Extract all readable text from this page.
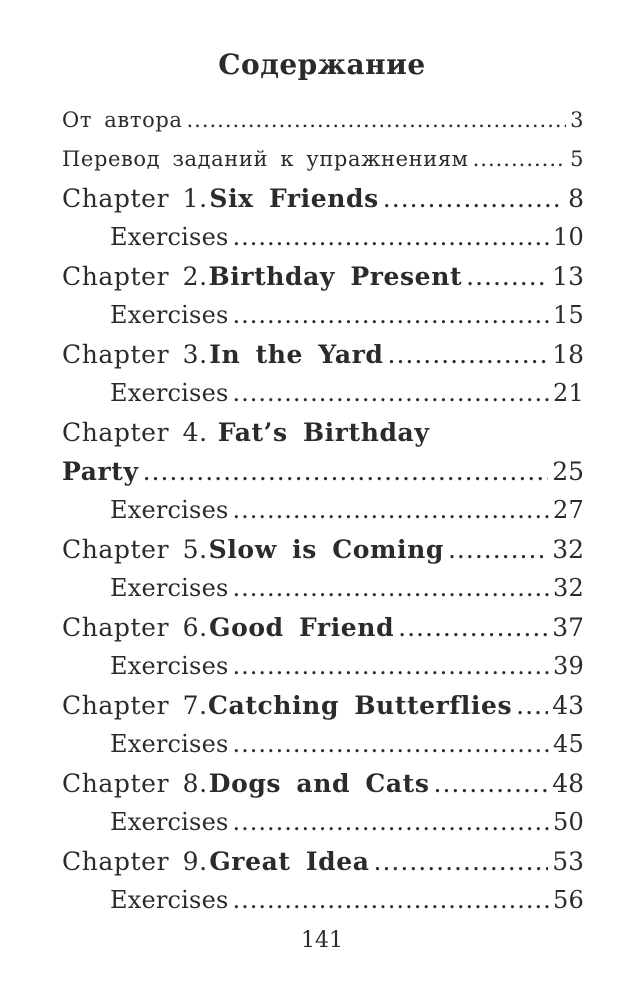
Содержание
От автора .....	3
Перевод заданий к упражнениям .....	5
Chapter 1. Six Friends .....	8
Exercises .....	10
Chapter 2. Birthday Present .....	13
Exercises .....	15
Chapter 3. In the Yard .....	18
Exercises .....	21
Chapter 4. Fat’s Birthday
Party .....	25
Exercises .....	27
Chapter 5. Slow is Coming .....	32
Exercises .....	32
Chapter 6. Good Friend .....	37
Exercises .....	39
Chapter 7. Catching Butterflies ..... 43
Exercises .....	45
Chapter 8. Dogs and Cats .....	48
Exercises .....	50
Chapter 9. Great Idea .....	53
Exercises .....	56
141
